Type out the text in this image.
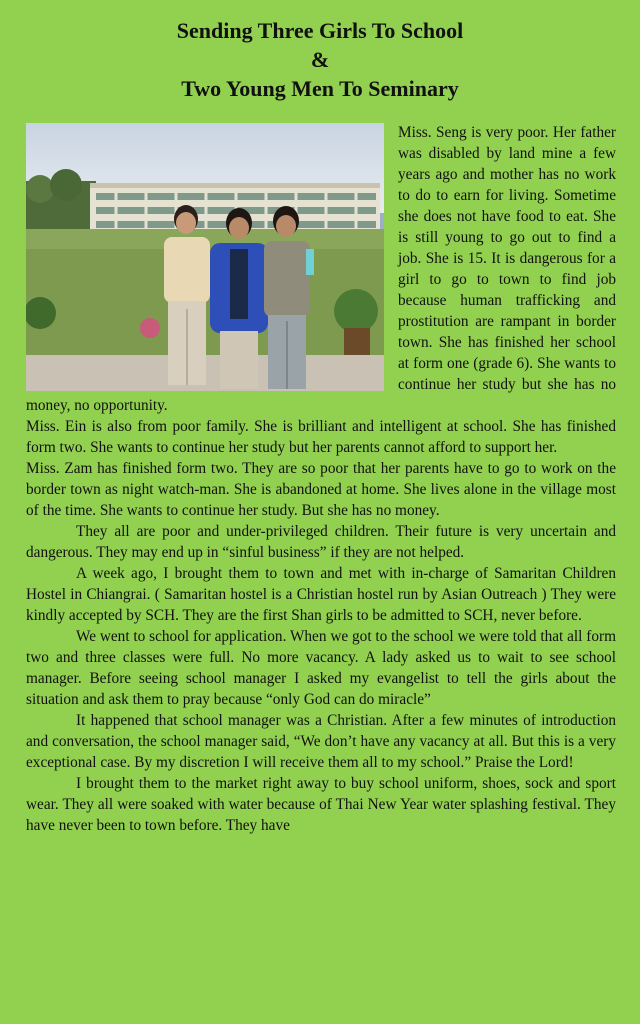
Sending Three Girls To School
&
Two Young Men To Seminary

Miss. Seng is very poor. Her father was disabled by land mine a few years ago and mother has no work to do to earn for living. Sometime she does not have food to eat. She is still young to go out to find a job. She is 15. It is dangerous for a girl to go to town to find job because human trafficking and prostitution are rampant in border town. She has finished her school at form one (grade 6). She wants to continue her study but she has no money, no opportunity.

Miss. Ein is also from poor family. She is brilliant and intelligent at school. She has finished form two. She wants to continue her study but her parents cannot afford to support her.

Miss. Zam has finished form two. They are so poor that her parents have to go to work on the border town as night watch-man. She is abandoned at home. She lives alone in the village most of the time. She wants to continue her study. But she has no money.

They all are poor and under-privileged children. Their future is very uncertain and dangerous. They may end up in “sinful business” if they are not helped.

A week ago, I brought them to town and met with in-charge of Samaritan Children Hostel in Chiangrai. ( Samaritan hostel is a Christian hostel run by Asian Outreach ) They were kindly accepted by SCH. They are the first Shan girls to be admitted to SCH, never before.

We went to school for application. When we got to the school we were told that all form two and three classes were full. No more vacancy. A lady asked us to wait to see school manager. Before seeing school manager I asked my evangelist to tell the girls about the situation and ask them to pray because “only God can do miracle”

It happened that school manager was a Christian. After a few minutes of introduction and conversation, the school manager said, “We don’t have any vacancy at all. But this is a very exceptional case. By my discretion I will receive them all to my school.” Praise the Lord!

I brought them to the market right away to buy school uniform, shoes, sock and sport wear. They all were soaked with water because of Thai New Year water splashing festival. They have never been to town before. They have
